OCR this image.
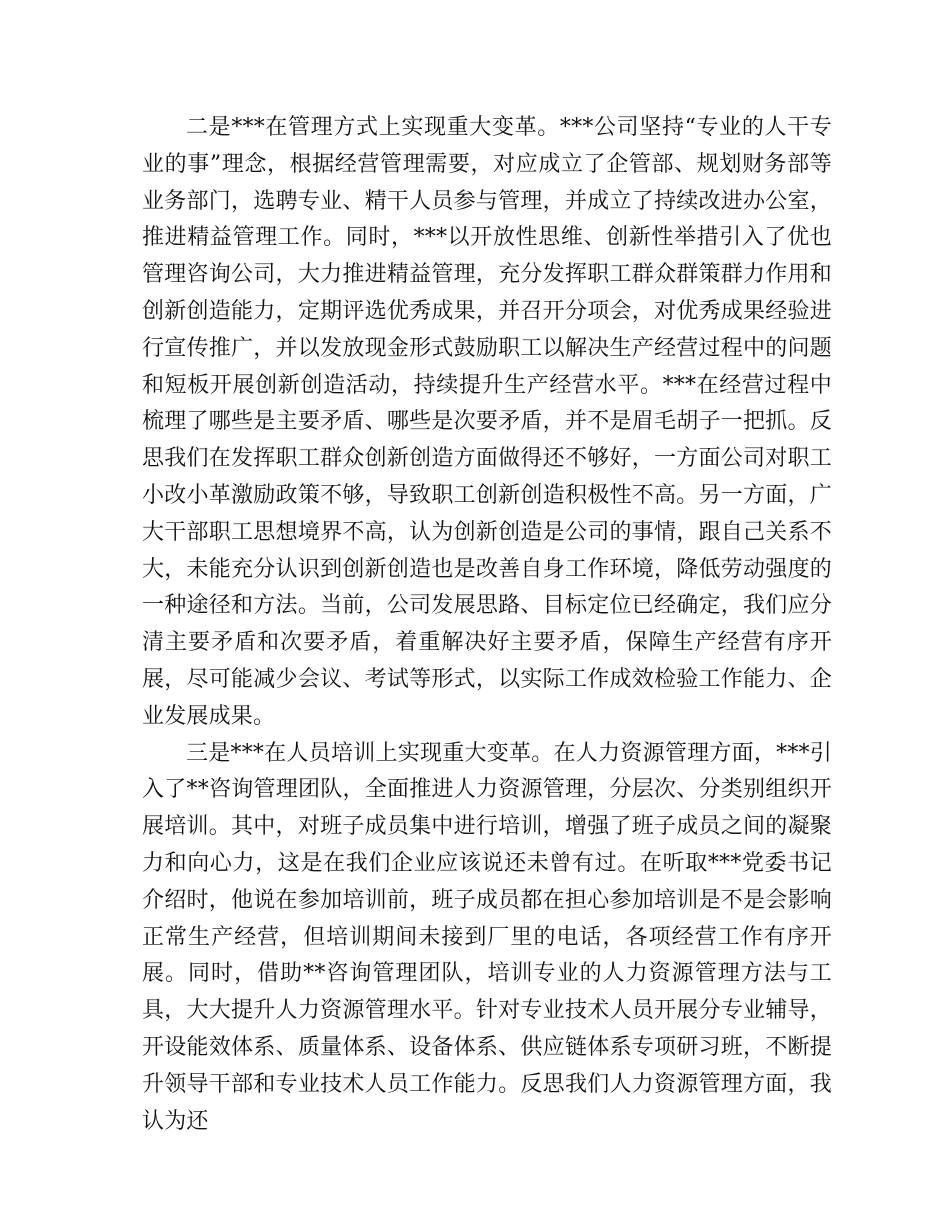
二是***在管理方式上实现重大变革。***公司坚持“专业的人干专业的事”理念，根据经营管理需要，对应成立了企管部、规划财务部等业务部门，选聘专业、精干人员参与管理，并成立了持续改进办公室，推进精益管理工作。同时，***以开放性思维、创新性举措引入了优也管理咨询公司，大力推进精益管理，充分发挥职工群众群策群力作用和创新创造能力，定期评选优秀成果，并召开分项会，对优秀成果经验进行宣传推广，并以发放现金形式鼓励职工以解决生产经营过程中的问题和短板开展创新创造活动，持续提升生产经营水平。***在经营过程中梳理了哪些是主要矛盾、哪些是次要矛盾，并不是眉毛胡子一把抓。反思我们在发挥职工群众创新创造方面做得还不够好，一方面公司对职工小改小革激励政策不够，导致职工创新创造积极性不高。另一方面，广大干部职工思想境界不高，认为创新创造是公司的事情，跟自己关系不大，未能充分认识到创新创造也是改善自身工作环境，降低劳动强度的一种途径和方法。当前，公司发展思路、目标定位已经确定，我们应分清主要矛盾和次要矛盾，着重解决好主要矛盾，保障生产经营有序开展，尽可能减少会议、考试等形式，以实际工作成效检验工作能力、企业发展成果。

三是***在人员培训上实现重大变革。在人力资源管理方面，***引入了**咨询管理团队，全面推进人力资源管理，分层次、分类别组织开展培训。其中，对班子成员集中进行培训，增强了班子成员之间的凝聚力和向心力，这是在我们企业应该说还未曾有过。在听取***党委书记介绍时，他说在参加培训前，班子成员都在担心参加培训是不是会影响正常生产经营，但培训期间未接到厂里的电话，各项经营工作有序开展。同时，借助**咨询管理团队，培训专业的人力资源管理方法与工具，大大提升人力资源管理水平。针对专业技术人员开展分专业辅导，开设能效体系、质量体系、设备体系、供应链体系专项研习班，不断提升领导干部和专业技术人员工作能力。反思我们人力资源管理方面，我认为还
